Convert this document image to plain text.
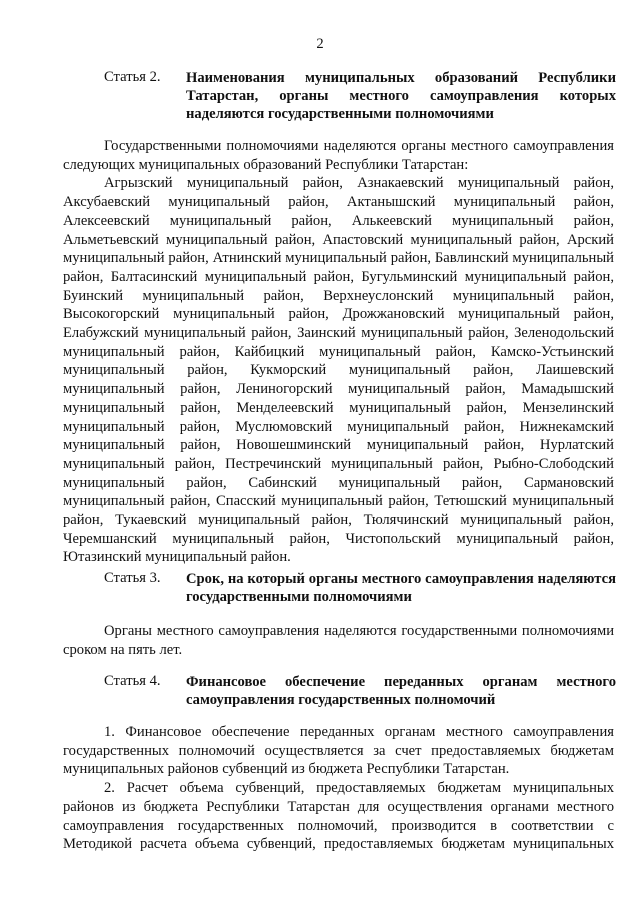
2
Статья 2. Наименования муниципальных образований Республики Татарстан, органы местного самоуправления которых наделяются государственными полномочиями

Государственными полномочиями наделяются органы местного самоуправления следующих муниципальных образований Республики Татарстан:

Агрызский муниципальный район, Азнакаевский муниципальный район, Аксубаевский муниципальный район, Актанышский муниципальный район, Алексеевский муниципальный район, Алькеевский муниципальный район, Альметьевский муниципальный район, Апастовский муниципальный район, Арский муниципальный район, Атнинский муниципальный район, Бавлинский муниципальный район, Балтасинский муниципальный район, Бугульминский муниципальный район, Буинский муниципальный район, Верхнеуслонский муниципальный район, Высокогорский муниципальный район, Дрожжановский муниципальный район, Елабужский муниципальный район, Заинский муниципальный район, Зеленодольский муниципальный район, Кайбицкий муниципальный район, Камско-Устьинский муниципальный район, Кукморский муниципальный район, Лаишевский муниципальный район, Лениногорский муниципальный район, Мамадышский муниципальный район, Менделеевский муниципальный район, Мензелинский муниципальный район, Муслюмовский муниципальный район, Нижнекамский муниципальный район, Новошешминский муниципальный район, Нурлатский муниципальный район, Пестречинский муниципальный район, Рыбно-Слободский муниципальный район, Сабинский муниципальный район, Сармановский муниципальный район, Спасский муниципальный район, Тетюшский муниципальный район, Тукаевский муниципальный район, Тюлячинский муниципальный район, Черемшанский муниципальный район, Чистопольский муниципальный район, Ютазинский муниципальный район.

Статья 3. Срок, на который органы местного самоуправления наделяются государственными полномочиями

Органы местного самоуправления наделяются государственными полномочиями сроком на пять лет.

Статья 4. Финансовое обеспечение переданных органам местного самоуправления государственных полномочий

1. Финансовое обеспечение переданных органам местного самоуправления государственных полномочий осуществляется за счет предоставляемых бюджетам муниципальных районов субвенций из бюджета Республики Татарстан.

2. Расчет объема субвенций, предоставляемых бюджетам муниципальных районов из бюджета Республики Татарстан для осуществления органами местного самоуправления государственных полномочий, производится в соответствии с Методикой расчета объема субвенций, предоставляемых бюджетам муниципальных
